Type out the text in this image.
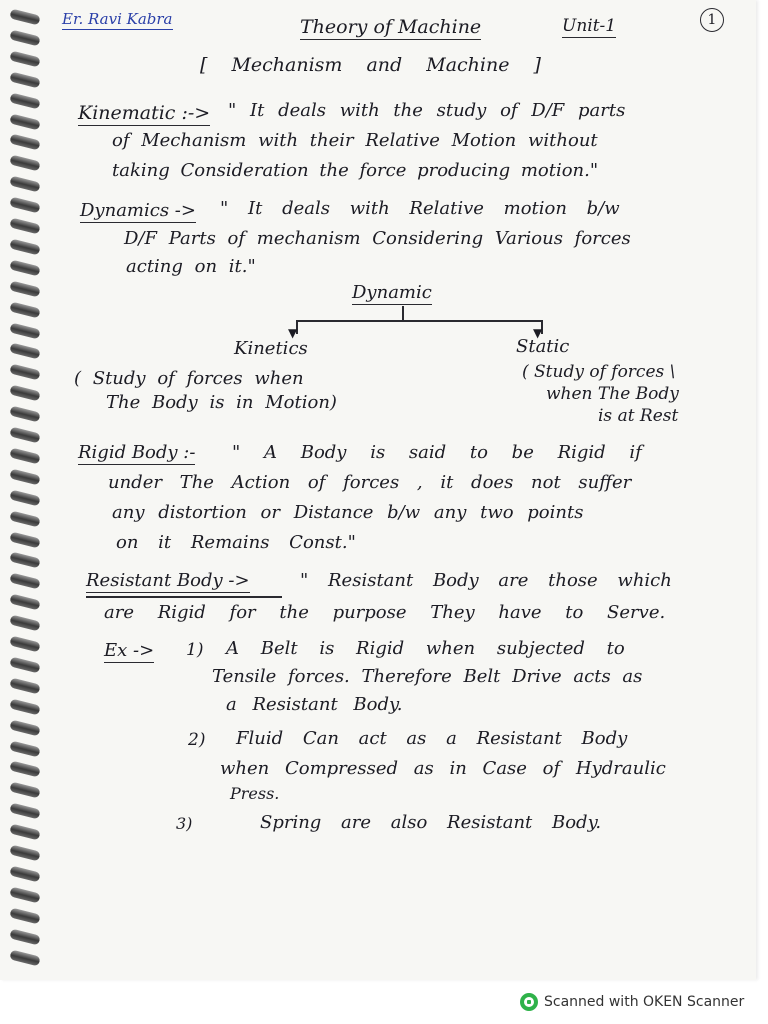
Er. Ravi Kabra	Theory of Machine	Unit-1	1
[ Mechanism and Machine ]
Kinematic :-> " It deals with the study of D/F parts
of Mechanism with their Relative Motion without
taking Consideration the force producing motion."
Dynamics -> " It deals with Relative motion b/w
D/F Parts of mechanism Considering Various forces
acting on it."
Dynamic
▼	▼
Kinetics
( Study of forces when
The Body is in Motion)
Static
( Study of forces \
when The Body
is at Rest
Rigid Body :- " A Body is said to be Rigid if
under The Action of forces , it does not suffer
any distortion or Distance b/w any two points
on it Remains Const."
Resistant Body ->	" Resistant Body are those which
are Rigid for the purpose They have to Serve.
Ex -> 1) A Belt is Rigid when subjected to
Tensile forces. Therefore Belt Drive acts as
a Resistant Body.
2) Fluid Can act as a Resistant Body
when Compressed as in Case of Hydraulic
Press.
3)	Spring are also Resistant Body.
Scanned with OKEN Scanner
